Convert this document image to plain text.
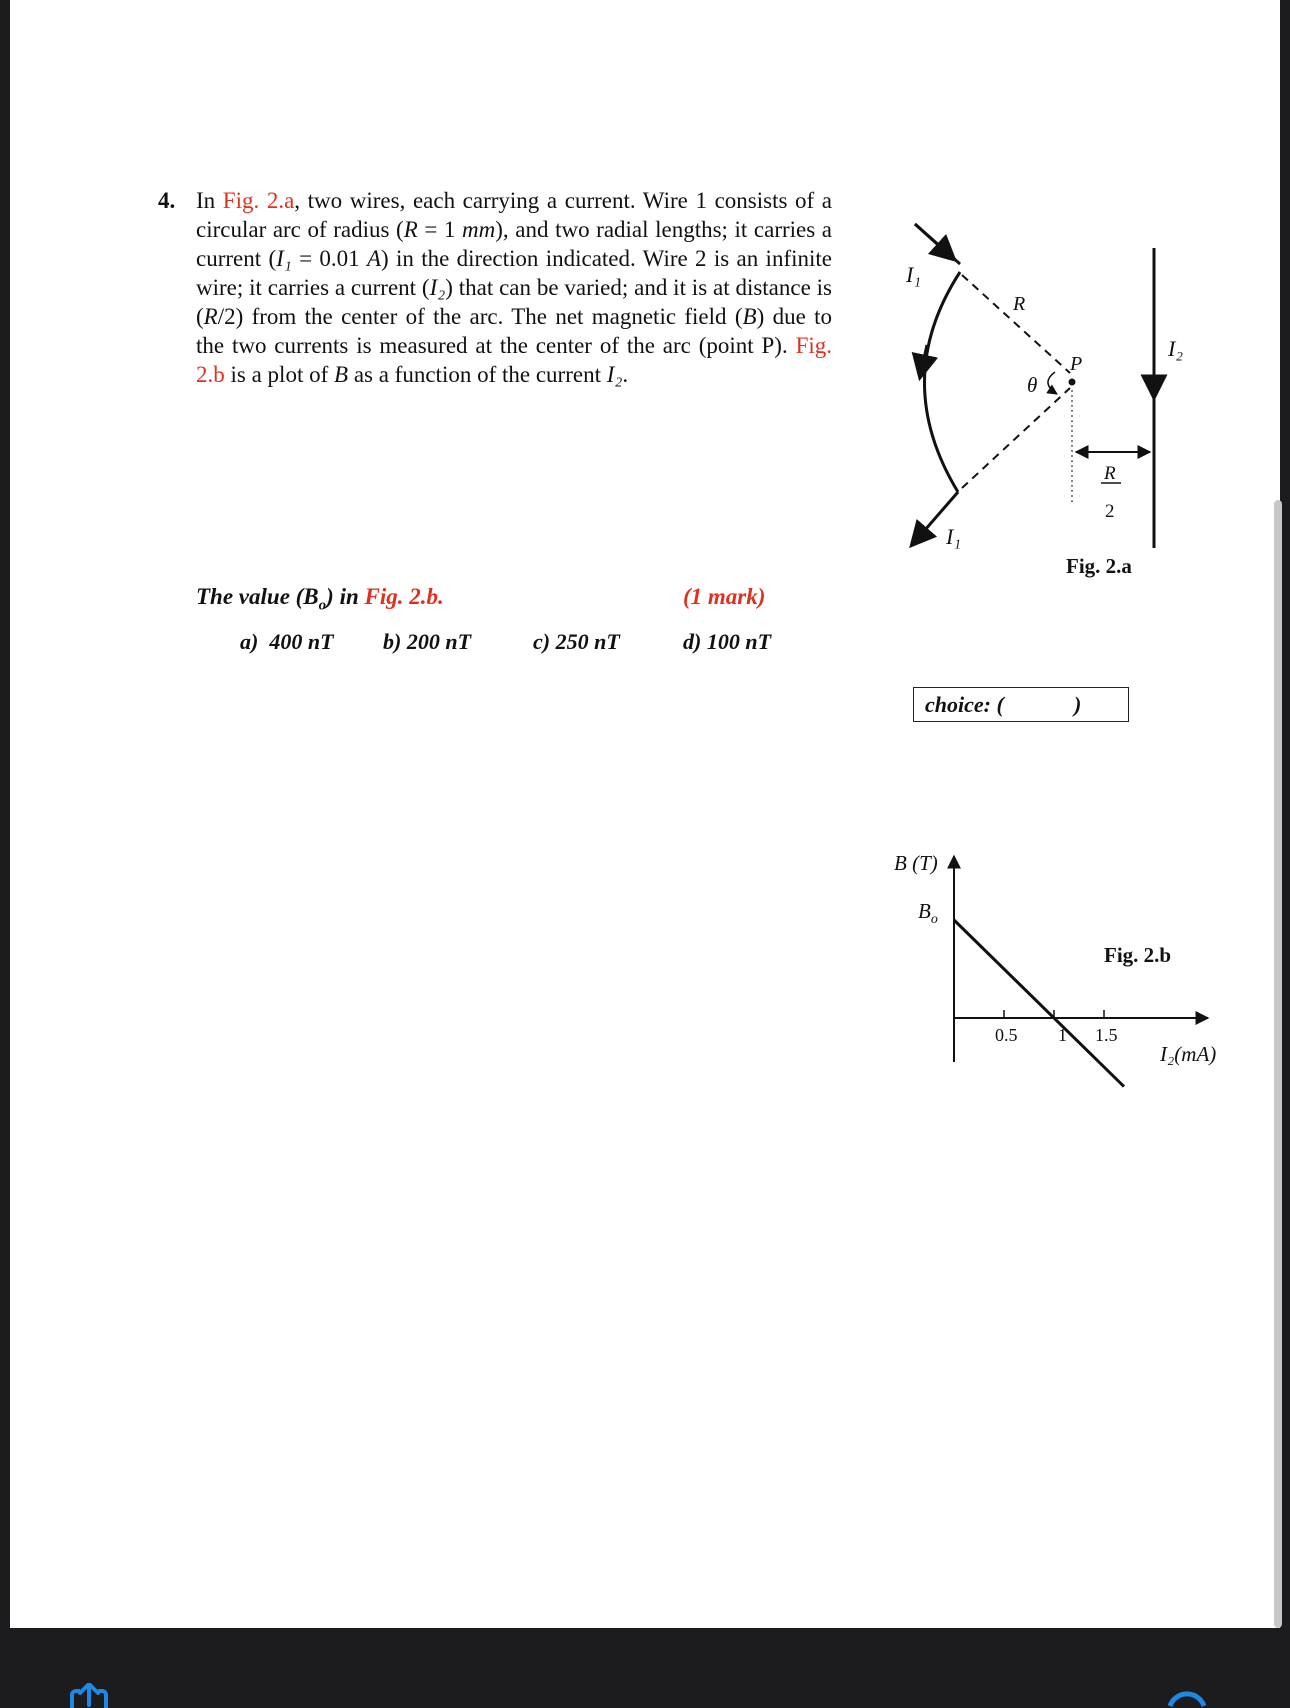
4. In Fig. 2.a, two wires, each carrying a current. Wire 1 consists of a circular arc of radius (R = 1 mm), and two radial lengths; it carries a current (I₁ = 0.01 A) in the direction indicated. Wire 2 is an infinite wire; it carries a current (I₂) that can be varied; and it is at distance is (R/2) from the center of the arc. The net magnetic field (B) due to the two currents is measured at the center of the arc (point P). Fig. 2.b is a plot of B as a function of the current I₂.
The value $(B_o)$ in Fig. 2.b.	(1 mark)
a) 400 nT b) 200 nT	c) 250 nT	d) 100 nT
choice: (	)
I₁
I₁
R
θ
P
I₂
R
2
Fig. 2.a
B (T)
$B_o$
I₂(mA)
Fig. 2.b
0.5 1 1.5
